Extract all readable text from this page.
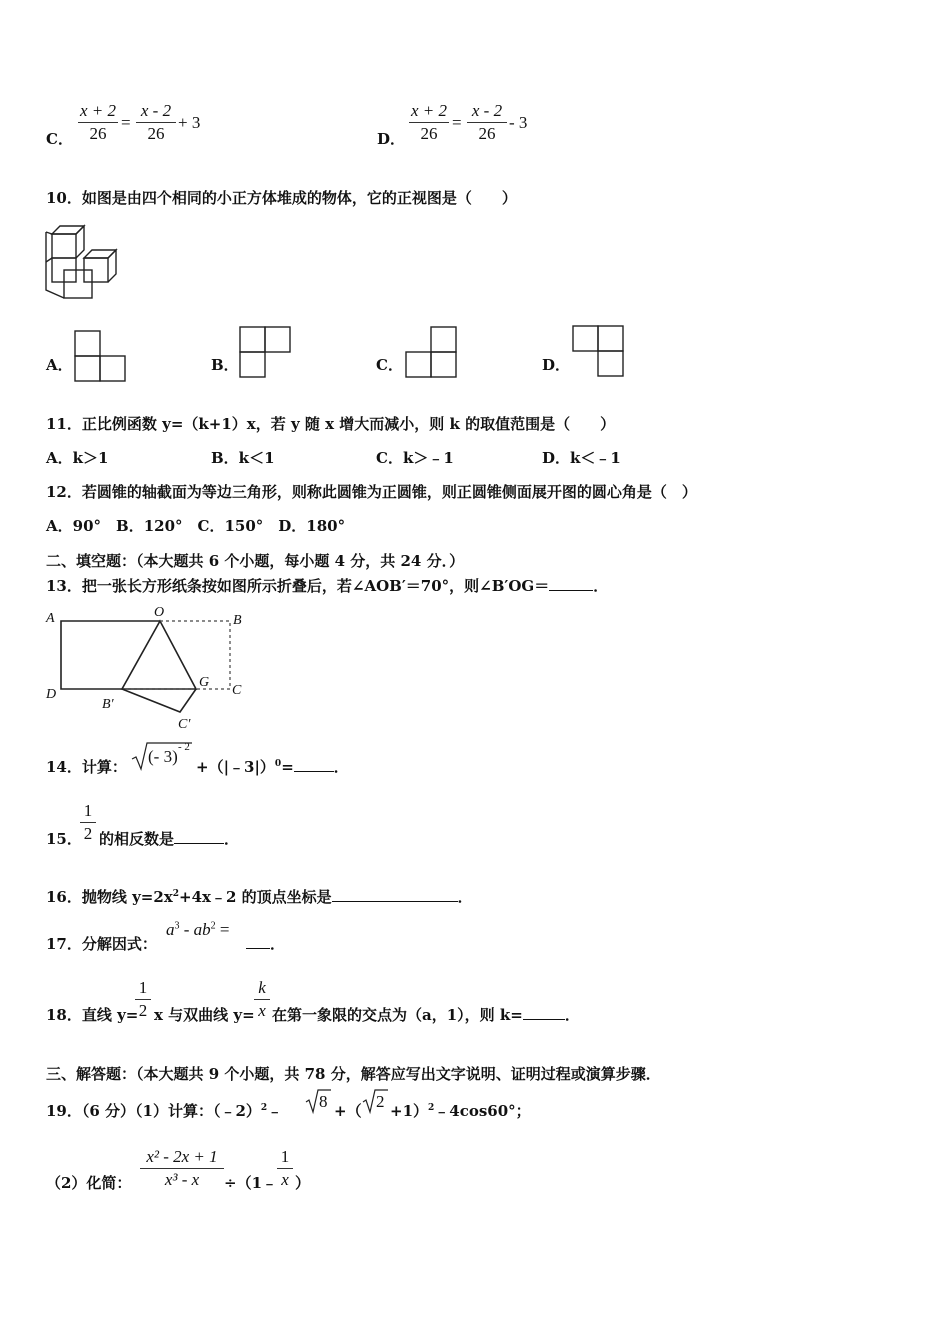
C．
x + 2
26
=
x - 2
26
+ 3
D．
x + 2
26
=
x - 2
26
- 3
10．如图是由四个相同的小正方体堆成的物体，它的正视图是（　　）
A．	B．	C．	D．
11．正比例函数 y=（k+1）x，若 y 随 x 增大而减小，则 k 的取值范围是（　　）
A．k＞1	B．k＜1	C．k＞﹣1	D．k＜﹣1
12．若圆锥的轴截面为等边三角形，则称此圆锥为正圆锥，则正圆锥侧面展开图的圆心角是（　）
A．90°　B．120°　C．150°　D．180°
二、填空题：（本大题共 6 个小题，每小题 4 分，共 24 分．）
13．把一张长方形纸条按如图所示折叠后，若∠AOB′＝70°，则∠B′OG＝	．
A	O
B
D
B′
G
C
C′
14．计算：
(- 3) - 2
+（|﹣3|）$^0$=	．
15．
1
2 的相反数是	．
16．抛物线 $y=2x^2+4x﹣2$ 的顶点坐标是	．
17．分解因式：
$a^3 - ab^2$ =
．
18．直线 y=
1
2 x 与双曲线 y=
k
x 在第一象限的交点为（a，1），则 k=	．
三、解答题：（本大题共 9 个小题，共 78 分，解答应写出文字说明、证明过程或演算步骤．
19．（6 分）（1）计算：（﹣2）$^2$﹣ 8 +（ 2 +1）$^2$﹣4cos60°；
（2）化简：
x² - 2x + 1
x³ - x	÷（1﹣
1
x ）
